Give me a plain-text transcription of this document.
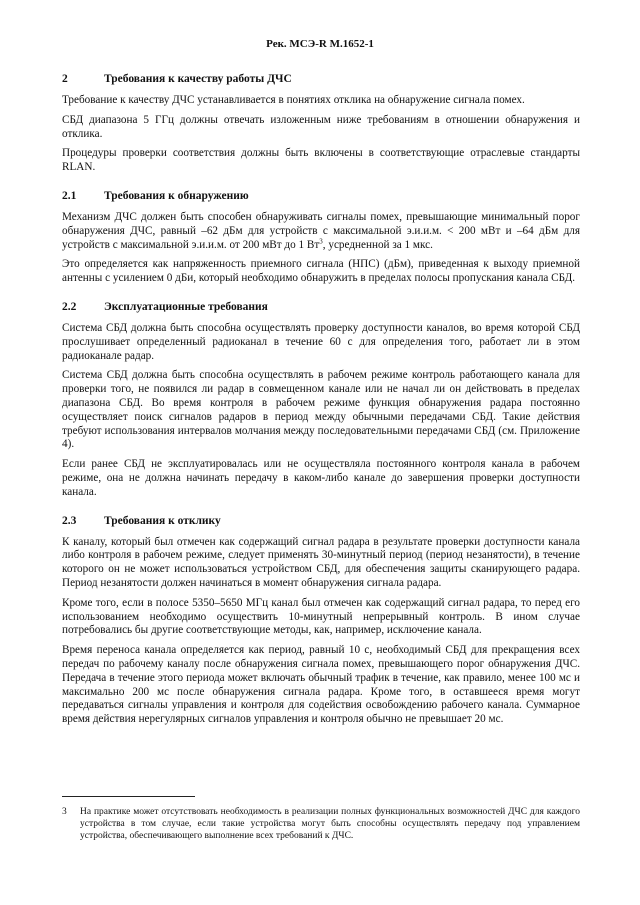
Рек. МСЭ-R M.1652-1
2	Требования к качеству работы ДЧС

Требование к качеству ДЧС устанавливается в понятиях отклика на обнаружение сигнала помех.

СБД диапазона 5 ГГц должны отвечать изложенным ниже требованиям в отношении обнаружения и отклика.

Процедуры проверки соответствия должны быть включены в соответствующие отраслевые стандарты RLAN.

2.1	Требования к обнаружению

Механизм ДЧС должен быть способен обнаруживать сигналы помех, превышающие минимальный порог обнаружения ДЧС, равный –62 дБм для устройств с максимальной э.и.и.м. < 200 мВт и –64 дБм для устройств с максимальной э.и.и.м. от 200 мВт до 1 $Вт^3$, усредненной за 1 мкс.

Это определяется как напряженность приемного сигнала (НПС) (дБм), приведенная к выходу приемной антенны с усилением 0 дБи, который необходимо обнаружить в пределах полосы пропускания канала СБД.

2.2	Эксплуатационные требования

Система СБД должна быть способна осуществлять проверку доступности каналов, во время которой СБД прослушивает определенный радиоканал в течение 60 с для определения того, работает ли в этом радиоканале радар.

Система СБД должна быть способна осуществлять в рабочем режиме контроль работающего канала для проверки того, не появился ли радар в совмещенном канале или не начал ли он действовать в пределах диапазона СБД. Во время контроля в рабочем режиме функция обнаружения радара постоянно осуществляет поиск сигналов радаров в период между обычными передачами СБД. Такие действия требуют использования интервалов молчания между последовательными передачами СБД (см. Приложение 4).

Если ранее СБД не эксплуатировалась или не осуществляла постоянного контроля канала в рабочем режиме, она не должна начинать передачу в каком-либо канале до завершения проверки доступности канала.

2.3	Требования к отклику

К каналу, который был отмечен как содержащий сигнал радара в результате проверки доступности канала либо контроля в рабочем режиме, следует применять 30-минутный период (период незанятости), в течение которого он не может использоваться устройством СБД, для обеспечения защиты сканирующего радара. Период незанятости должен начинаться в момент обнаружения сигнала радара.

Кроме того, если в полосе 5350–5650 МГц канал был отмечен как содержащий сигнал радара, то перед его использованием необходимо осуществить 10-минутный непрерывный контроль. В ином случае потребовались бы другие соответствующие методы, как, например, исключение канала.

Время переноса канала определяется как период, равный 10 с, необходимый СБД для прекращения всех передач по рабочему каналу после обнаружения сигнала помех, превышающего порог обнаружения ДЧС. Передача в течение этого периода может включать обычный трафик в течение, как правило, менее 100 мс и максимально 200 мс после обнаружения сигнала радара. Кроме того, в оставшееся время могут передаваться сигналы управления и контроля для содействия освобождению рабочего канала. Суммарное время действия нерегулярных сигналов управления и контроля обычно не превышает 20 мс.

3	На практике может отсутствовать необходимость в реализации полных функциональных возможностей ДЧС для каждого устройства в том случае, если такие устройства могут быть способны осуществлять передачу под управлением устройства, обеспечивающего выполнение всех требований к ДЧС.
